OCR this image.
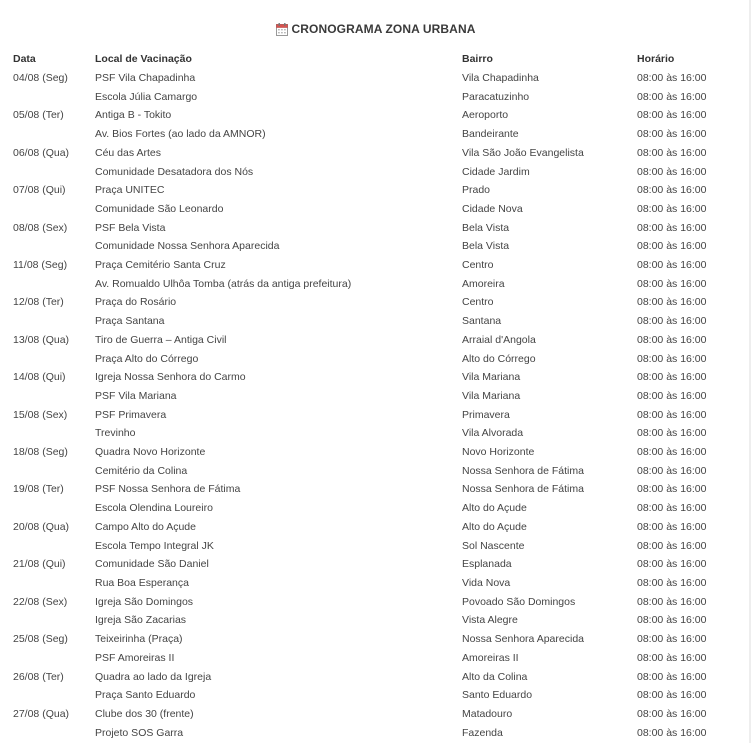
CRONOGRAMA ZONA URBANA
Data	Local de Vacinação	Bairro	Horário
04/08 (Seg)	PSF Vila Chapadinha	Vila Chapadinha	08:00 às 16:00
	Escola Júlia Camargo	Paracatuzinho	08:00 às 16:00
05/08 (Ter)	Antiga B - Tokito	Aeroporto	08:00 às 16:00
	Av. Bios Fortes (ao lado da AMNOR)	Bandeirante	08:00 às 16:00
06/08 (Qua)	Céu das Artes	Vila São João Evangelista	08:00 às 16:00
	Comunidade Desatadora dos Nós	Cidade Jardim	08:00 às 16:00
07/08 (Qui)	Praça UNITEC	Prado	08:00 às 16:00
	Comunidade São Leonardo	Cidade Nova	08:00 às 16:00
08/08 (Sex)	PSF Bela Vista	Bela Vista	08:00 às 16:00
	Comunidade Nossa Senhora Aparecida	Bela Vista	08:00 às 16:00
11/08 (Seg)	Praça Cemitério Santa Cruz	Centro	08:00 às 16:00
	Av. Romualdo Ulhôa Tomba (atrás da antiga prefeitura)	Amoreira	08:00 às 16:00
12/08 (Ter)	Praça do Rosário	Centro	08:00 às 16:00
	Praça Santana	Santana	08:00 às 16:00
13/08 (Qua)	Tiro de Guerra – Antiga Civil	Arraial d'Angola	08:00 às 16:00
	Praça Alto do Córrego	Alto do Córrego	08:00 às 16:00
14/08 (Qui)	Igreja Nossa Senhora do Carmo	Vila Mariana	08:00 às 16:00
	PSF Vila Mariana	Vila Mariana	08:00 às 16:00
15/08 (Sex)	PSF Primavera	Primavera	08:00 às 16:00
	Trevinho	Vila Alvorada	08:00 às 16:00
18/08 (Seg)	Quadra Novo Horizonte	Novo Horizonte	08:00 às 16:00
	Cemitério da Colina	Nossa Senhora de Fátima	08:00 às 16:00
19/08 (Ter)	PSF Nossa Senhora de Fátima	Nossa Senhora de Fátima	08:00 às 16:00
	Escola Olendina Loureiro	Alto do Açude	08:00 às 16:00
20/08 (Qua)	Campo Alto do Açude	Alto do Açude	08:00 às 16:00
	Escola Tempo Integral JK	Sol Nascente	08:00 às 16:00
21/08 (Qui)	Comunidade São Daniel	Esplanada	08:00 às 16:00
	Rua Boa Esperança	Vida Nova	08:00 às 16:00
22/08 (Sex)	Igreja São Domingos	Povoado São Domingos	08:00 às 16:00
	Igreja São Zacarias	Vista Alegre	08:00 às 16:00
25/08 (Seg)	Teixeirinha (Praça)	Nossa Senhora Aparecida	08:00 às 16:00
	PSF Amoreiras II	Amoreiras II	08:00 às 16:00
26/08 (Ter)	Quadra ao lado da Igreja	Alto da Colina	08:00 às 16:00
	Praça Santo Eduardo	Santo Eduardo	08:00 às 16:00
27/08 (Qua)	Clube dos 30 (frente)	Matadouro	08:00 às 16:00
	Projeto SOS Garra	Fazenda	08:00 às 16:00
